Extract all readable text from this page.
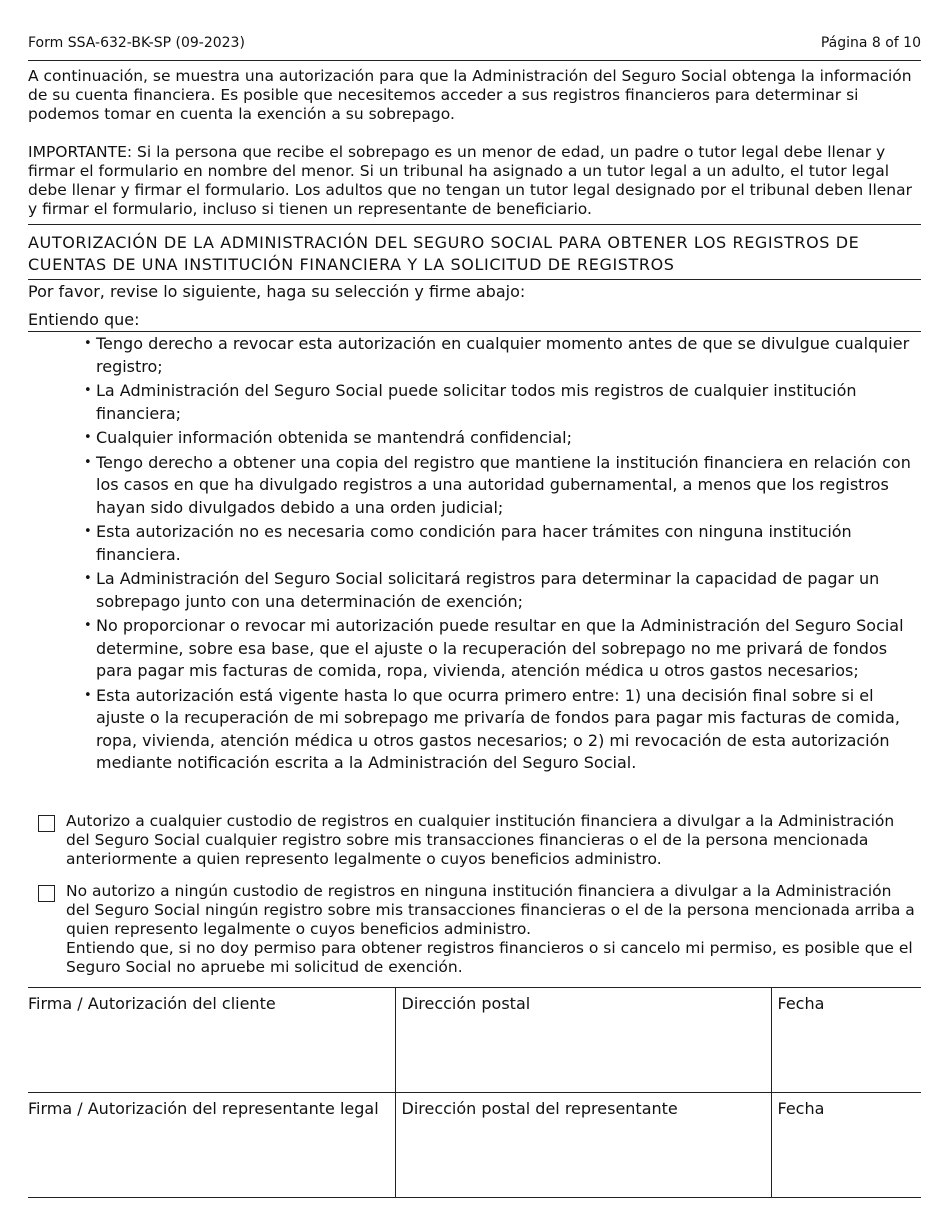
Form SSA-632-BK-SP (09-2023)	Página 8 of 10

A continuación, se muestra una autorización para que la Administración del Seguro Social obtenga la información de su cuenta financiera. Es posible que necesitemos acceder a sus registros financieros para determinar si podemos tomar en cuenta la exención a su sobrepago.

IMPORTANTE: Si la persona que recibe el sobrepago es un menor de edad, un padre o tutor legal debe llenar y firmar el formulario en nombre del menor. Si un tribunal ha asignado a un tutor legal a un adulto, el tutor legal debe llenar y firmar el formulario. Los adultos que no tengan un tutor legal designado por el tribunal deben llenar y firmar el formulario, incluso si tienen un representante de beneficiario.

AUTORIZACIÓN DE LA ADMINISTRACIÓN DEL SEGURO SOCIAL PARA OBTENER LOS REGISTROS DE CUENTAS DE UNA INSTITUCIÓN FINANCIERA Y LA SOLICITUD DE REGISTROS
Por favor, revise lo siguiente, haga su selección y firme abajo:
Entiendo que:
• Tengo derecho a revocar esta autorización en cualquier momento antes de que se divulgue cualquier registro;
• La Administración del Seguro Social puede solicitar todos mis registros de cualquier institución financiera;
• Cualquier información obtenida se mantendrá confidencial;
• Tengo derecho a obtener una copia del registro que mantiene la institución financiera en relación con los casos en que ha divulgado registros a una autoridad gubernamental, a menos que los registros hayan sido divulgados debido a una orden judicial;
• Esta autorización no es necesaria como condición para hacer trámites con ninguna institución financiera.
• La Administración del Seguro Social solicitará registros para determinar la capacidad de pagar un sobrepago junto con una determinación de exención;
• No proporcionar o revocar mi autorización puede resultar en que la Administración del Seguro Social determine, sobre esa base, que el ajuste o la recuperación del sobrepago no me privará de fondos para pagar mis facturas de comida, ropa, vivienda, atención médica u otros gastos necesarios;
• Esta autorización está vigente hasta lo que ocurra primero entre: 1) una decisión final sobre si el ajuste o la recuperación de mi sobrepago me privaría de fondos para pagar mis facturas de comida, ropa, vivienda, atención médica u otros gastos necesarios; o 2) mi revocación de esta autorización mediante notificación escrita a la Administración del Seguro Social.
Autorizo a cualquier custodio de registros en cualquier institución financiera a divulgar a la Administración del Seguro Social cualquier registro sobre mis transacciones financieras o el de la persona mencionada anteriormente a quien represento legalmente o cuyos beneficios administro.
No autorizo a ningún custodio de registros en ninguna institución financiera a divulgar a la Administración del Seguro Social ningún registro sobre mis transacciones financieras o el de la persona mencionada arriba a quien represento legalmente o cuyos beneficios administro.
Entiendo que, si no doy permiso para obtener registros financieros o si cancelo mi permiso, es posible que el Seguro Social no apruebe mi solicitud de exención.
Firma / Autorización del cliente	Dirección postal	Fecha
Firma / Autorización del representante legal	Dirección postal del representante	Fecha
